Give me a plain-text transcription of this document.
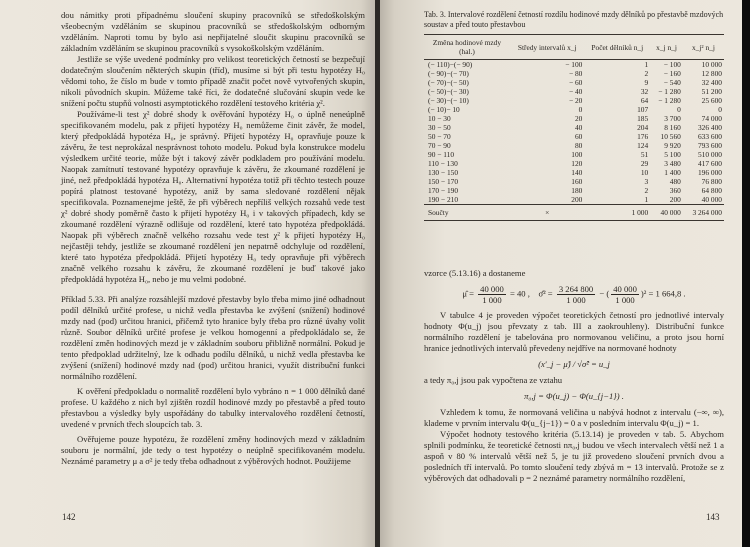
dou námitky proti případnému sloučení skupiny pracovníků se středoškolským všeobecným vzděláním se skupinou pracovníků se středoškolským odborným vzděláním. Naproti tomu by bylo asi nepřijatelné sloučit skupinu pracovníků se základním vzděláním se skupinou pracovníků s vysokoškolským vzděláním.

Jestliže se výše uvedené podmínky pro velikost teoretických četností se bezpečují dodatečným sloučením některých skupin (tříd), musíme si být při testu hypotézy H₀ vědomi toho, že číslo m bude v tomto případě značit počet nově vytvořených skupin, nikoli původních skupin. Můžeme také říci, že dodatečné slučování skupin vede ke snížení počtu stupňů volnosti asymptotického rozdělení testového kritéria χ².

Používáme-li test χ² dobré shody k ověřování hypotézy H₀ o úplně neneúplně specifikovaném modelu, pak z přijetí hypotézy H₀ nemůžeme činit závěr, že model, který předpokládá hypotéza H₀, je správný. Přijetí hypotézy H₀ opravňuje pouze k závěru, že test neprokázal nesprávnost tohoto modelu. Pokud byla konstrukce modelu výsledkem určité teorie, může být i takový závěr podkladem pro používání modelu. Naopak zamítnutí testované hypotézy opravňuje k závěru, že zkoumané rozdělení je jiné, než předpokládá hypotéza H₀. Alternativní hypotéza totiž při těchto testech pouze popírá platnost testované hypotézy, aniž by sama sledované rozdělení nějak specifikovala. Poznamenejme ještě, že při výběrech nepříliš velkých rozsahů vede test χ² dobré shody poměrně často k přijetí hypotézy H₀ i v takových případech, kdy se zkoumané rozdělení výrazně odlišuje od rozdělení, které tato hypotéza předpokládá. Naopak při výběrech značně velkého rozsahu vede test χ² k přijetí hypotézy H₀ nejčastěji tehdy, jestliže se zkoumané rozdělení jen nepatrně odchyluje od rozdělení, které tato hypotéza předpokládá. Přijetí hypotézy H₀ tedy opravňuje při výběrech značně velkého rozsahu k závěru, že zkoumané rozdělení je buď takové jako předpokládá hypotéza H₀, nebo je mu velmi podobné.

Příklad 5.33. Při analýze rozsáhlejší mzdové přestavby bylo třeba mimo jiné odhadnout podíl dělníků určité profese, u nichž vedla přestavba ke zvýšení (snížení) hodinové mzdy nad (pod) určitou hranici, přičemž tyto hranice byly třeba pro různé úvahy volit různě. Soubor dělníků určité profese je velkou homogenní a předpokládalo se, že rozdělení změn hodinových mezd je v základním souboru přibližně normální. Pokud je tento předpoklad udržitelný, lze k odhadu podílu dělníků, u nichž vedla přestavba ke zvýšení (snížení) hodinové mzdy nad (pod) určitou hranici, využít distribuční funkci normálního rozdělení.

K ověření předpokladu o normalitě rozdělení bylo vybráno n = 1 000 dělníků dané profese. U každého z nich byl zjištěn rozdíl hodinové mzdy po přestavbě a před touto přestavbou a výsledky byly uspořádány do tabulky intervalového rozdělení četností, uvedené v prvních třech sloupcích tab. 3.

Ověřujeme pouze hypotézu, že rozdělení změny hodinových mezd v základním souboru je normální, jde tedy o test hypotézy o neúplně specifikovaném modelu. Neznámé parametry μ a σ² je tedy třeba odhadnout z výběrových hodnot. Použijeme

142
Tab. 3. Intervalové rozdělení četností rozdílu hodinové mzdy dělníků po přestavbě mzdových soustav a před touto přestavbou
Změna hodinové mzdy (hal.)	Středy intervalů x_j	Počet dělníků n_j	x_j n_j	x_j² n_j
(− 110)−(− 90)	− 100	1	− 100	10 000
(− 90)−(− 70)	− 80	2	− 160	12 800
(− 70)−(− 50)	− 60	9	− 540	32 400
(− 50)−(− 30)	− 40	32	− 1 280	51 200
(− 30)−(− 10)	− 20	64	− 1 280	25 600
(− 10)− 10	0	107	0	0
10 − 30	20	185	3 700	74 000
30 − 50	40	204	8 160	326 400
50 − 70	60	176	10 560	633 600
70 − 90	80	124	9 920	793 600
90 − 110	100	51	5 100	510 000
110 − 130	120	29	3 480	417 600
130 − 150	140	10	1 400	196 000
150 − 170	160	3	480	76 800
170 − 190	180	2	360	64 800
190 − 210	200	1	200	40 000
Součty	×	1 000	40 000	3 264 000

vzorce (5.13.16) a dostaneme

μ̂ = $\frac{40 000}{1 000} = 40$ , σ̂² = $\frac{3 264 800}{1 000}$ − ( $\frac{40 000}{1 000} )^2 = 1$ 664,8 .

V tabulce 4 je proveden výpočet teoretických četností pro jednotlivé intervaly hodnoty Φ(u_j) jsou převzaty z tab. III a zaokrouhleny). Distribuční funkce normálního rozdělení je tabelována pro normovanou veličinu, a proto jsou horní hranice jednotlivých intervalů převedeny nejdříve na normované hodnoty

(x′_j − μ̂) / √σ̂² = u_j

a tedy π₀,j jsou pak vypočtena ze vztahu

π₀,j = Φ(u_j) − Φ(u_{j−1}) .

Vzhledem k tomu, že normovaná veličina u nabývá hodnot z intervalu (−∞, ∞), klademe v prvním intervalu Φ(u_{j−1}) = 0 a v posledním intervalu Φ(u_j) = 1.

Výpočet hodnoty testového kritéria (5.13.14) je proveden v tab. 5. Abychom splnili podmínku, že teoretické četnosti nπ₀,j budou ve všech intervalech větší než 1 a aspoň v 80 % intervalů větší než 5, je tu již provedeno sloučení prvních dvou a posledních tří intervalů. Po tomto sloučení tedy zbývá m = 13 intervalů. Protože se z výběrových dat odhadovali p = 2 neznámé parametry normálního rozdělení,

143
